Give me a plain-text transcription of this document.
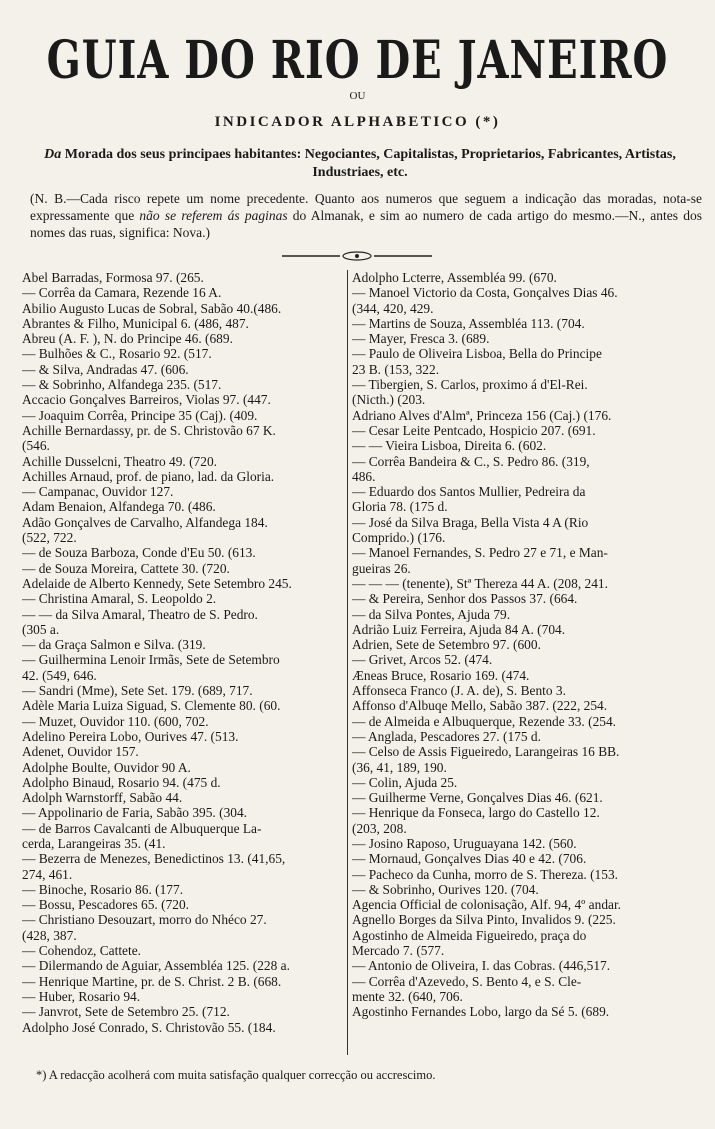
GUIA DO RIO DE JANEIRO
OU
INDICADOR ALPHABETICO (*)
Da Morada dos seus principaes habitantes: Negociantes, Capitalistas, Proprietarios, Fabricantes, Artistas, Industriaes, etc.
(N. B.—Cada risco repete um nome precedente. Quanto aos numeros que seguem a indicação das moradas, nota-se expressamente que não se referem ás paginas do Almanak, e sim ao numero de cada artigo do mesmo.—N., antes dos nomes das ruas, significa: Nova.)
Abel Barradas, Formosa 97. (265.
— Corrêa da Camara, Rezende 16 A.
Abilio Augusto Lucas de Sobral, Sabão 40.(486.
Abrantes & Filho, Municipal 6. (486, 487.
Abreu (A. F. ), N. do Principe 46. (689.
— Bulhões & C., Rosario 92. (517.
— & Silva, Andradas 47. (606.
— & Sobrinho, Alfandega 235. (517.
Accacio Gonçalves Barreiros, Violas 97. (447.
— Joaquim Corrêa, Principe 35 (Caj). (409.
Achille Bernardassy, pr. de S. Christovão 67 K.
(546.
Achille Dusselcni, Theatro 49. (720.
Achilles Arnaud, prof. de piano, lad. da Gloria.
— Campanac, Ouvidor 127.
Adam Benaion, Alfandega 70. (486.
Adão Gonçalves de Carvalho, Alfandega 184.
(522, 722.
— de Souza Barboza, Conde d'Eu 50. (613.
— de Souza Moreira, Cattete 30. (720.
Adelaide de Alberto Kennedy, Sete Setembro 245.
— Christina Amaral, S. Leopoldo 2.
— — da Silva Amaral, Theatro de S. Pedro.
(305 a.
— da Graça Salmon e Silva. (319.
— Guilhermina Lenoir Irmãs, Sete de Setembro
42. (549, 646.
— Sandri (Mme), Sete Set. 179. (689, 717.
Adèle Maria Luiza Siguad, S. Clemente 80. (60.
— Muzet, Ouvidor 110. (600, 702.
Adelino Pereira Lobo, Ourives 47. (513.
Adenet, Ouvidor 157.
Adolphe Boulte, Ouvidor 90 A.
Adolpho Binaud, Rosario 94. (475 d.
Adolph Warnstorff, Sabão 44.
— Appolinario de Faria, Sabão 395. (304.
— de Barros Cavalcanti de Albuquerque La-
cerda, Larangeiras 35. (41.
— Bezerra de Menezes, Benedictinos 13. (41,65,
274, 461.
— Binoche, Rosario 86. (177.
— Bossu, Pescadores 65. (720.
— Christiano Desouzart, morro do Nhéco 27.
(428, 387.
— Cohendoz, Cattete.
— Dilermando de Aguiar, Assembléa 125. (228 a.
— Henrique Martine, pr. de S. Christ. 2 B. (668.
— Huber, Rosario 94.
— Janvrot, Sete de Setembro 25. (712.
Adolpho José Conrado, S. Christovão 55. (184.
Adolpho Lcterre, Assembléa 99. (670.
— Manoel Victorio da Costa, Gonçalves Dias 46.
(344, 420, 429.
— Martins de Souza, Assembléa 113. (704.
— Mayer, Fresca 3. (689.
— Paulo de Oliveira Lisboa, Bella do Principe
23 B. (153, 322.
— Tibergien, S. Carlos, proximo á d'El-Rei.
(Nicth.) (203.
Adriano Alves d'Almª, Princeza 156 (Caj.) (176.
— Cesar Leite Pentcado, Hospicio 207. (691.
— — Vieira Lisboa, Direita 6. (602.
— Corrêa Bandeira & C., S. Pedro 86. (319,
486.
— Eduardo dos Santos Mullier, Pedreira da
Gloria 78. (175 d.
— José da Silva Braga, Bella Vista 4 A (Rio
Comprido.) (176.
— Manoel Fernandes, S. Pedro 27 e 71, e Man-
gueiras 26.
— — — (tenente), Stª Thereza 44 A. (208, 241.
— & Pereira, Senhor dos Passos 37. (664.
— da Silva Pontes, Ajuda 79.
Adrião Luiz Ferreira, Ajuda 84 A. (704.
Adrien, Sete de Setembro 97. (600.
— Grivet, Arcos 52. (474.
Æneas Bruce, Rosario 169. (474.
Affonseca Franco (J. A. de), S. Bento 3.
Affonso d'Albuqe Mello, Sabão 387. (222, 254.
— de Almeida e Albuquerque, Rezende 33. (254.
— Anglada, Pescadores 27. (175 d.
— Celso de Assis Figueiredo, Larangeiras 16 BB.
(36, 41, 189, 190.
— Colin, Ajuda 25.
— Guilherme Verne, Gonçalves Dias 46. (621.
— Henrique da Fonseca, largo do Castello 12.
(203, 208.
— Josino Raposo, Uruguayana 142. (560.
— Mornaud, Gonçalves Dias 40 e 42. (706.
— Pacheco da Cunha, morro de S. Thereza. (153.
— & Sobrinho, Ourives 120. (704.
Agencia Official de colonisação, Alf. 94, 4º andar.
Agnello Borges da Silva Pinto, Invalidos 9. (225.
Agostinho de Almeida Figueiredo, praça do
Mercado 7. (577.
— Antonio de Oliveira, I. das Cobras. (446,517.
— Corrêa d'Azevedo, S. Bento 4, e S. Cle-
mente 32. (640, 706.
Agostinho Fernandes Lobo, largo da Sé 5. (689.
*) A redacção acolherá com muita satisfação qualquer correcção ou accrescimo.
